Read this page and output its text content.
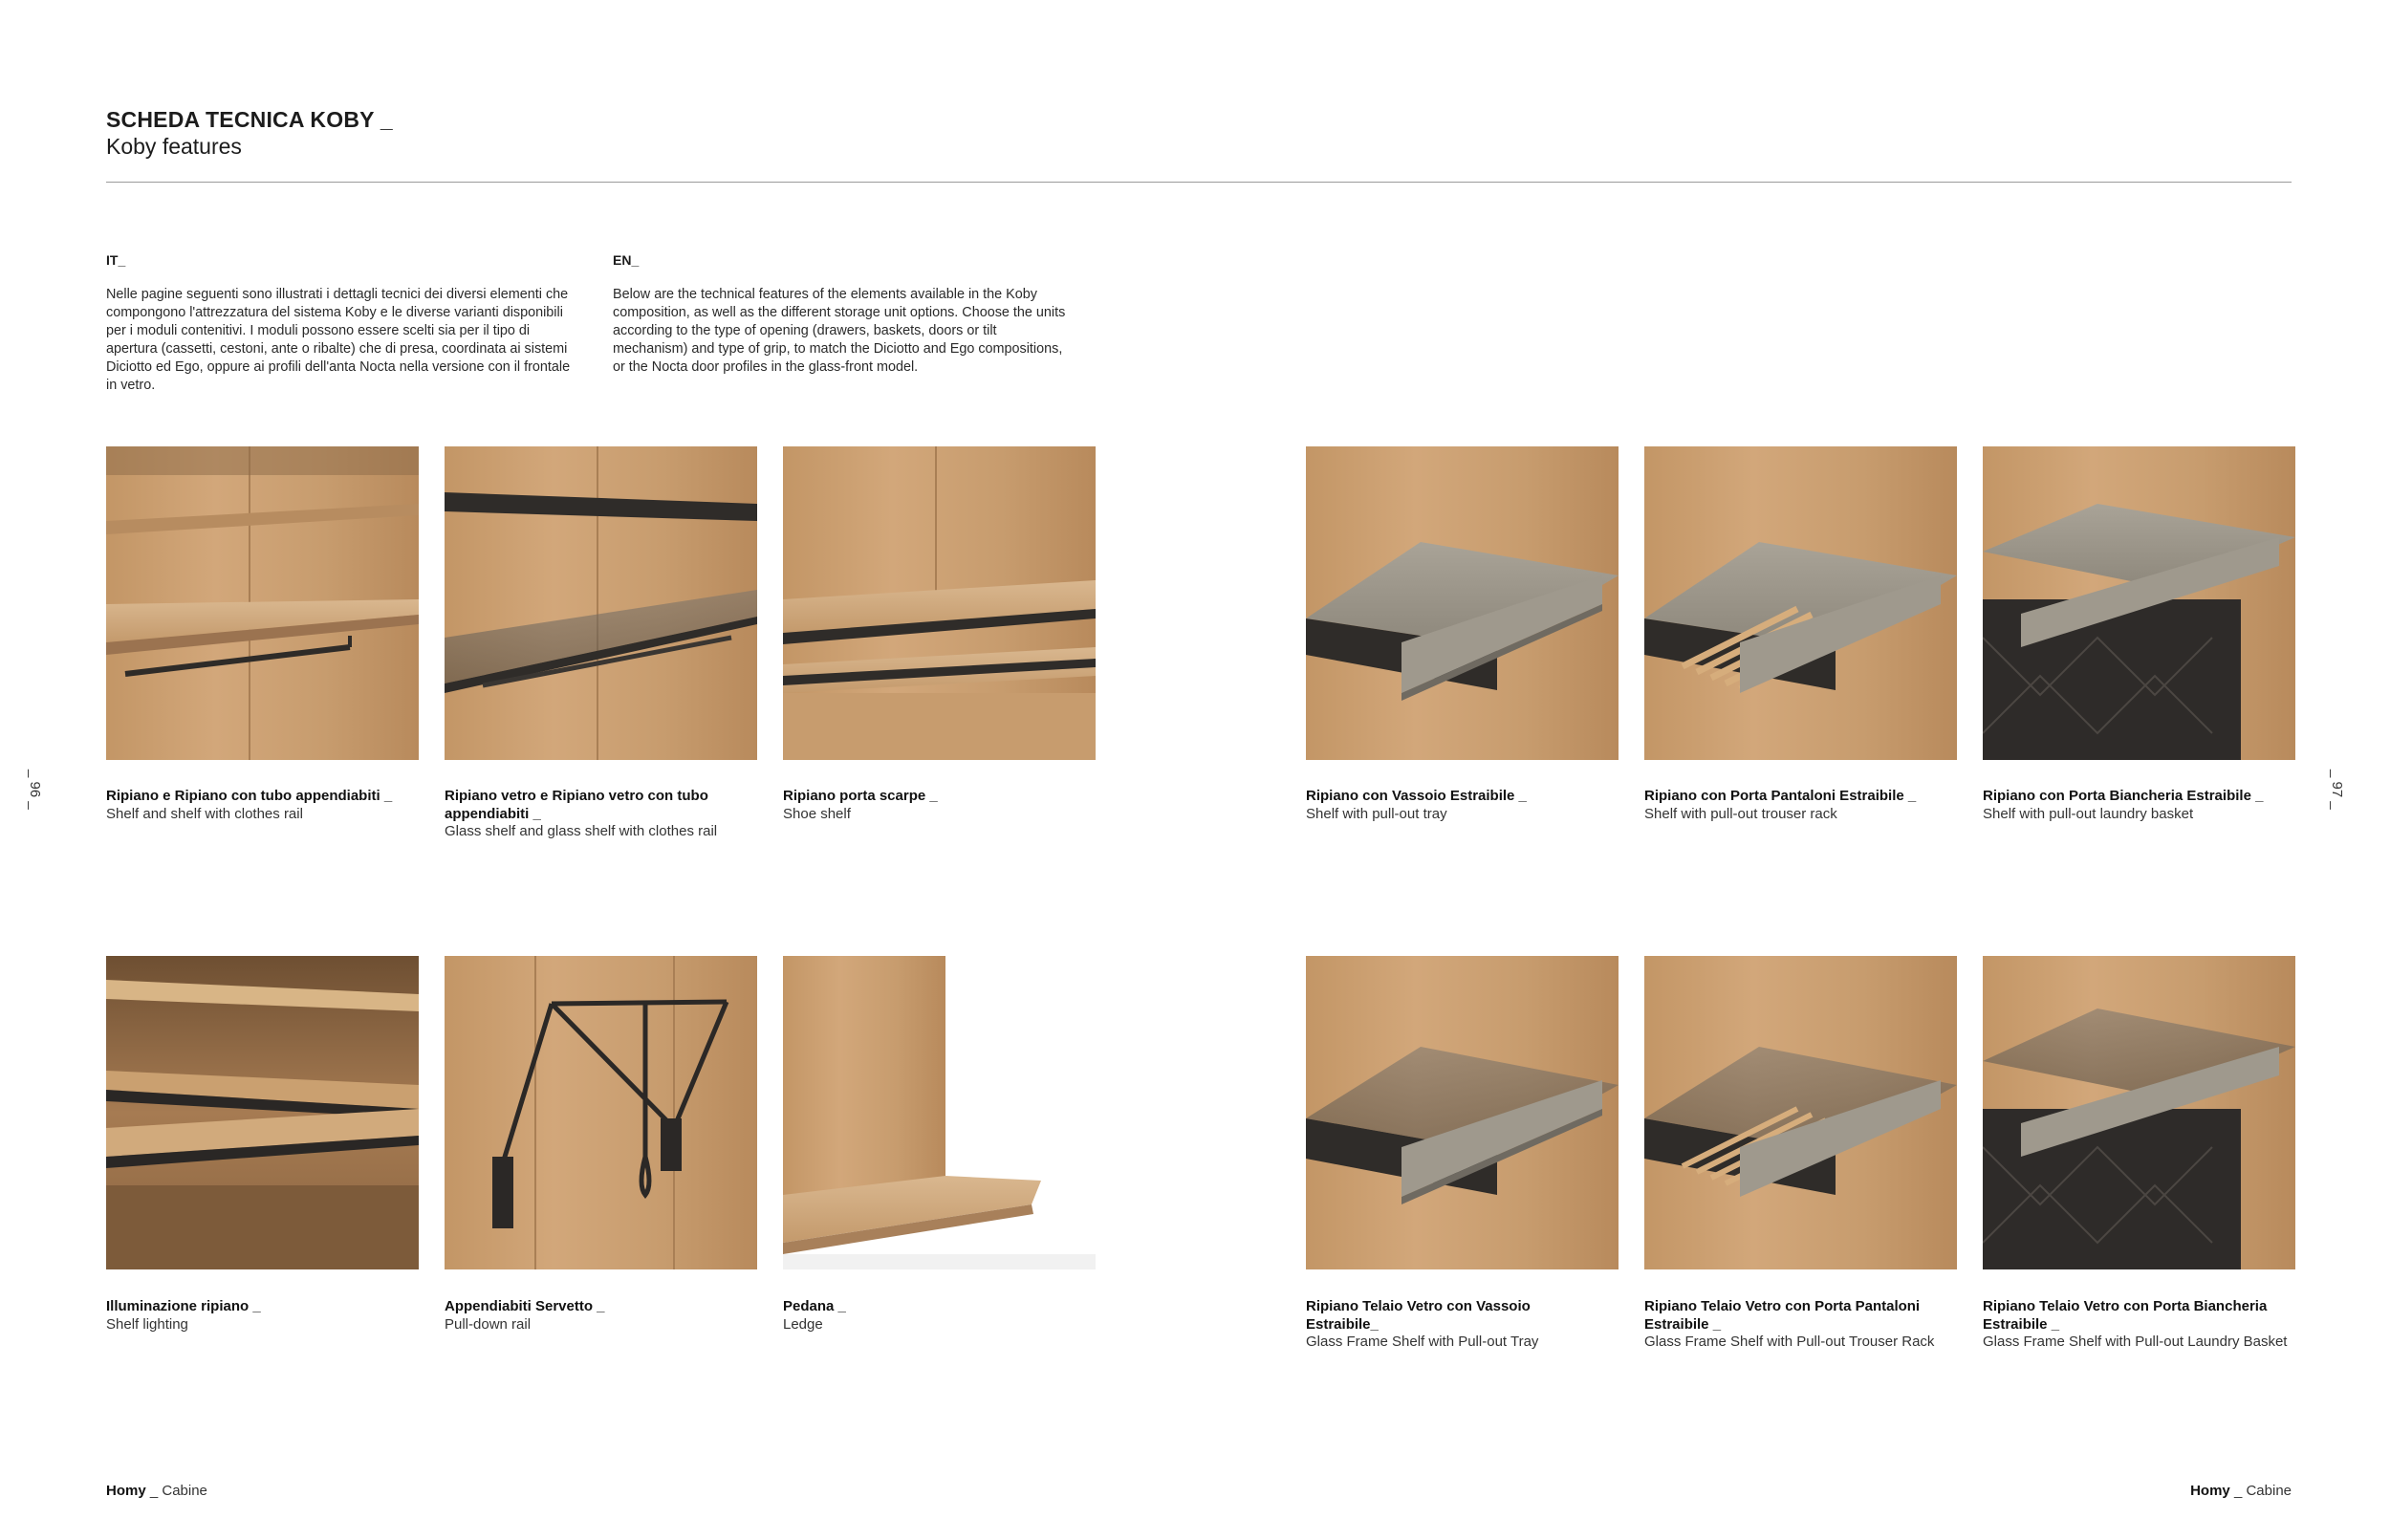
SCHEDA TECNICA KOBY _
Koby features
IT_
Nelle pagine seguenti sono illustrati i dettagli tecnici dei diversi elementi che compongono l'attrezzatura del sistema Koby e le diverse varianti disponibili per i moduli contenitivi. I moduli possono essere scelti sia per il tipo di apertura (cassetti, cestoni, ante o ribalte) che di presa, coordinata ai sistemi Diciotto ed Ego, oppure ai profili dell'anta Nocta nella versione con il frontale in vetro.
EN_
Below are the technical features of the elements available in the Koby composition, as well as the different storage unit options. Choose the units according to the type of opening (drawers, baskets, doors or tilt mechanism) and type of grip, to match the Diciotto and Ego compositions, or the Nocta door profiles in the glass-front model.
Ripiano e Ripiano con tubo appendiabiti _
Shelf and shelf with clothes rail
Ripiano vetro e Ripiano vetro con tubo appendiabiti _
Glass shelf and glass shelf with clothes rail
Ripiano porta scarpe _
Shoe shelf
Ripiano con Vassoio Estraibile _
Shelf with pull-out tray
Ripiano con Porta Pantaloni Estraibile _
Shelf with pull-out trouser rack
Ripiano con Porta Biancheria Estraibile _
Shelf with pull-out laundry basket
Illuminazione ripiano _
Shelf lighting
Appendiabiti Servetto _
Pull-down rail
Pedana _
Ledge
Ripiano Telaio Vetro con Vassoio Estraibile_
Glass Frame Shelf with Pull-out Tray
Ripiano Telaio Vetro con Porta Pantaloni Estraibile _
Glass Frame Shelf with Pull-out Trouser Rack
Ripiano Telaio Vetro con Porta Biancheria Estraibile _
Glass Frame Shelf with Pull-out Laundry Basket
_ 96 _	_ 97 _
Homy _ Cabine	Homy _ Cabine
